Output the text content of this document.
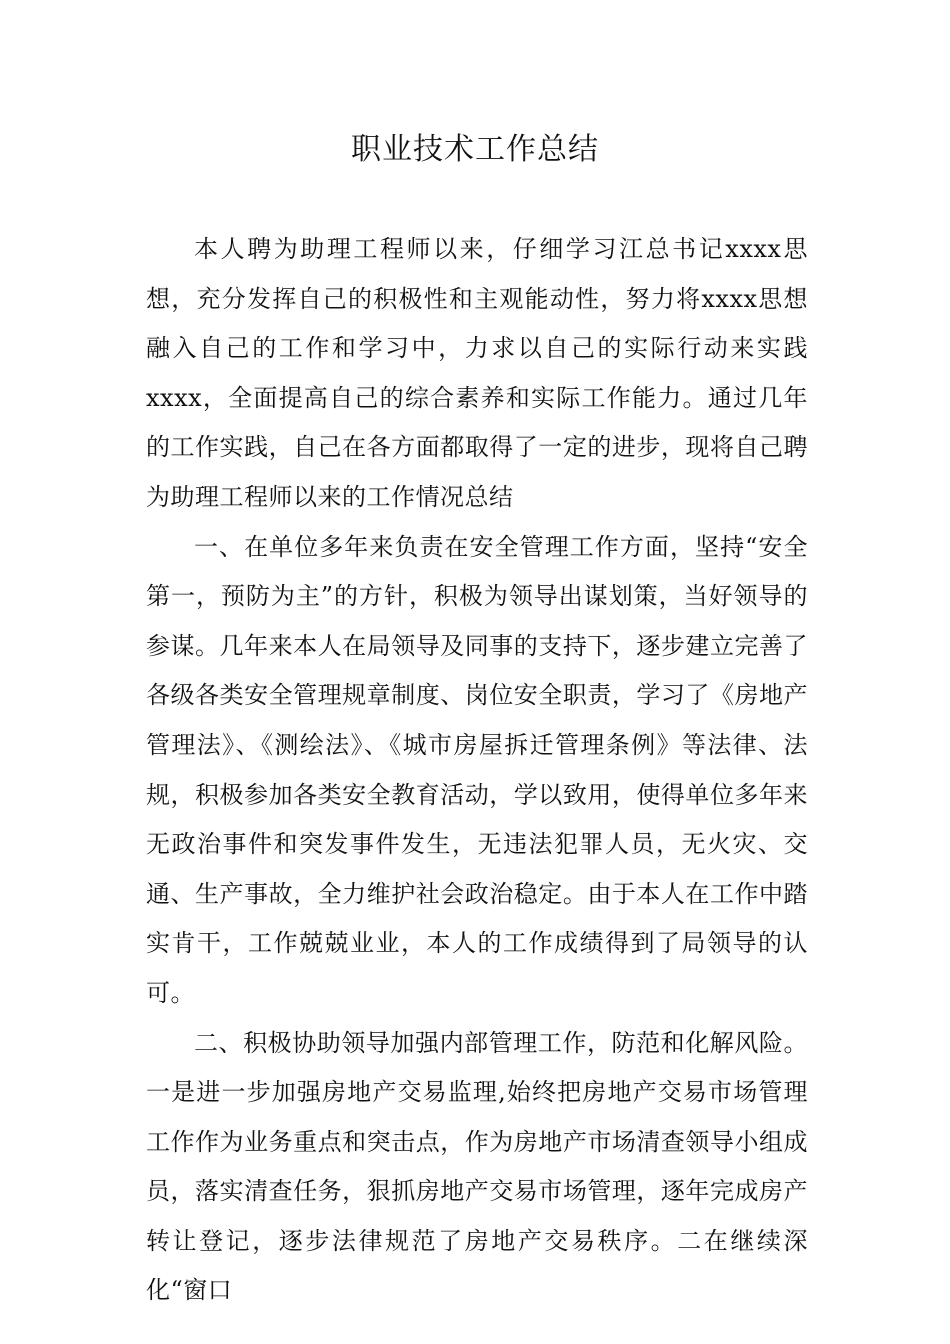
职业技术工作总结

本人聘为助理工程师以来，仔细学习江总书记xxxx思想，充分发挥自己的积极性和主观能动性，努力将xxxx思想融入自己的工作和学习中，力求以自己的实际行动来实践xxxx，全面提高自己的综合素养和实际工作能力。通过几年的工作实践，自己在各方面都取得了一定的进步，现将自己聘为助理工程师以来的工作情况总结

一、在单位多年来负责在安全管理工作方面，坚持“安全第一，预防为主”的方针，积极为领导出谋划策，当好领导的参谋。几年来本人在局领导及同事的支持下，逐步建立完善了各级各类安全管理规章制度、岗位安全职责，学习了《房地产管理法》、《测绘法》、《城市房屋拆迁管理条例》等法律、法规，积极参加各类安全教育活动，学以致用，使得单位多年来无政治事件和突发事件发生，无违法犯罪人员，无火灾、交通、生产事故，全力维护社会政治稳定。由于本人在工作中踏实肯干，工作兢兢业业，本人的工作成绩得到了局领导的认可。

二、积极协助领导加强内部管理工作，防范和化解风险。一是进一步加强房地产交易监理,始终把房地产交易市场管理工作作为业务重点和突击点，作为房地产市场清查领导小组成员，落实清查任务，狠抓房地产交易市场管理，逐年完成房产转让登记，逐步法律规范了房地产交易秩序。二在继续深化“窗口
